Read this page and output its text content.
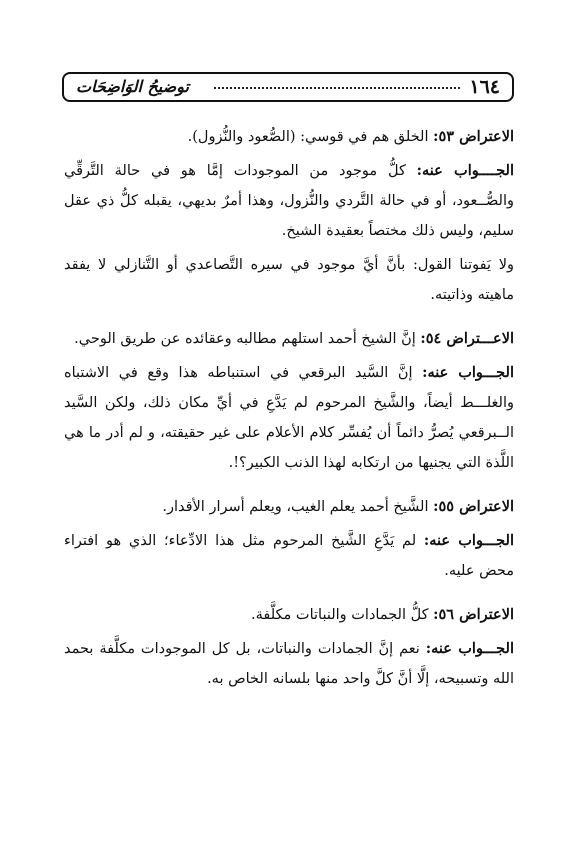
١٦٤
توضيحُ الوَاضِحَات

الاعتراض ٥٣: الخلق هم في قوسي: (الصُّعود والنُّزول).

الجــــواب عنه: كلُّ موجود من الموجودات إمَّا هو في حالة التَّرقِّي والصُّــعود، أو في حالة التَّردي والنُّزول، وهذا أمرٌ بديهي، يقبله كلُّ ذي عقل سليم، وليس ذلك مختصاً بعقيدة الشيخ.

ولا يَفوتنا القول: بأنَّ أيَّ موجود في سيره التَّصاعدي أو التَّنازلي لا يفقد ماهيته وذاتيته.

الاعـــتراض ٥٤: إنَّ الشيخ أحمد استلهم مطالبه وعقائده عن طريق الوحي.

الجـــواب عنه: إنَّ السَّيد البرقعي في استنباطه هذا وقع في الاشتباه والغلـــط أيضاً، والشَّيخ المرحوم لم يَدَّعِ في أيِّ مكان ذلك، ولكن السَّيد الــبرقعي يُصرُّ دائماً أن يُفسِّر كلام الأعلام على غير حقيقته، و لم أدر ما هي اللَّذة التي يجنيها من ارتكابه لهذا الذنب الكبير؟!.

الاعتراض ٥٥: الشَّيخ أحمد يعلم الغيب، ويعلم أسرار الأقدار.

الجـــواب عنه: لم يَدَّعِ الشَّيخ المرحوم مثل هذا الادِّعاء؛ الذي هو افتراء محض عليه.

الاعتراض ٥٦: كلُّ الجمادات والنباتات مكلَّفة.

الجـــواب عنه: نعم إنَّ الجمادات والنباتات، بل كل الموجودات مكلَّفة بحمد الله وتسبيحه، إلَّا أنَّ كلَّ واحد منها بلسانه الخاص به.
